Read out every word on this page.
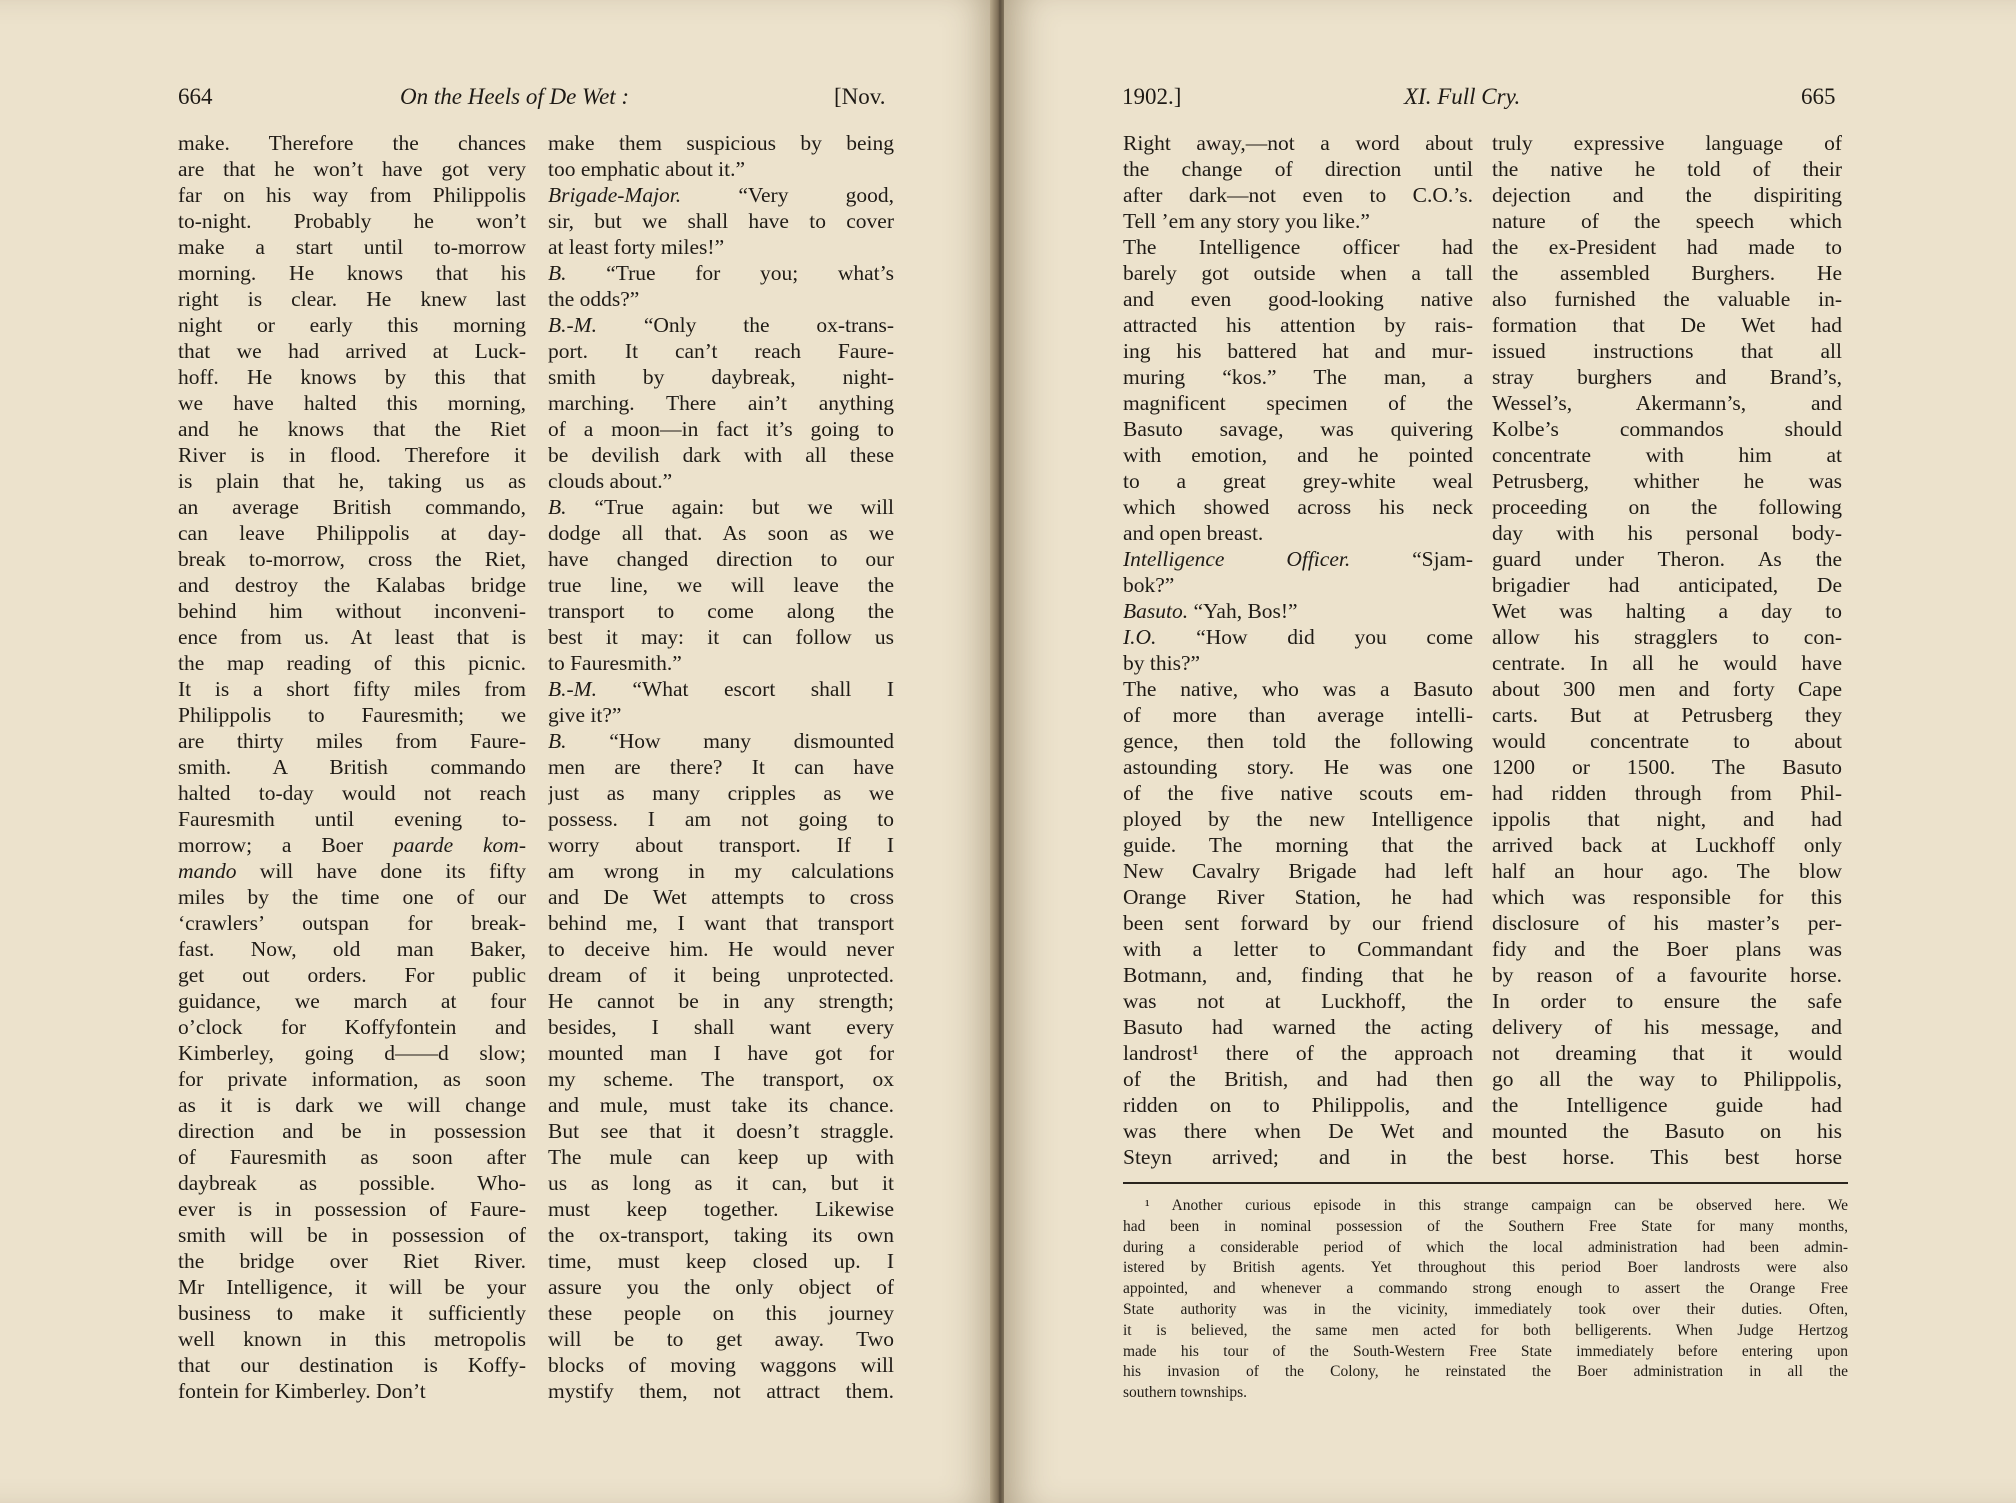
664	On the Heels of De Wet :	[Nov.
make. Therefore the chances
are that he won’t have got very
far on his way from Philippolis
to-night. Probably he won’t
make a start until to-morrow
morning. He knows that his
right is clear. He knew last
night or early this morning
that we had arrived at Luck-
hoff. He knows by this that
we have halted this morning,
and he knows that the Riet
River is in flood. Therefore it
is plain that he, taking us as
an average British commando,
can leave Philippolis at day-
break to-morrow, cross the Riet,
and destroy the Kalabas bridge
behind him without inconveni-
ence from us. At least that is
the map reading of this picnic.
It is a short fifty miles from
Philippolis to Fauresmith; we
are thirty miles from Faure-
smith. A British commando
halted to-day would not reach
Fauresmith until evening to-
morrow; a Boer paarde kom-
mando will have done its fifty
miles by the time one of our
‘crawlers’ outspan for break-
fast. Now, old man Baker,
get out orders. For public
guidance, we march at four
o’clock for Koffyfontein and
Kimberley, going d——d slow;
for private information, as soon
as it is dark we will change
direction and be in possession
of Fauresmith as soon after
daybreak as possible. Who-
ever is in possession of Faure-
smith will be in possession of
the bridge over Riet River.
Mr Intelligence, it will be your
business to make it sufficiently
well known in this metropolis
that our destination is Koffy-
fontein for Kimberley. Don’t
make them suspicious by being
too emphatic about it.”
Brigade-Major. “Very good,
sir, but we shall have to cover
at least forty miles!”
B. “True for you; what’s
the odds?”
B.-M. “Only the ox-trans-
port. It can’t reach Faure-
smith by daybreak, night-
marching. There ain’t anything
of a moon—in fact it’s going to
be devilish dark with all these
clouds about.”
B. “True again: but we will
dodge all that. As soon as we
have changed direction to our
true line, we will leave the
transport to come along the
best it may: it can follow us
to Fauresmith.”
B.-M. “What escort shall I
give it?”
B. “How many dismounted
men are there? It can have
just as many cripples as we
possess. I am not going to
worry about transport. If I
am wrong in my calculations
and De Wet attempts to cross
behind me, I want that transport
to deceive him. He would never
dream of it being unprotected.
He cannot be in any strength;
besides, I shall want every
mounted man I have got for
my scheme. The transport, ox
and mule, must take its chance.
But see that it doesn’t straggle.
The mule can keep up with
us as long as it can, but it
must keep together. Likewise
the ox-transport, taking its own
time, must keep closed up. I
assure you the only object of
these people on this journey
will be to get away. Two
blocks of moving waggons will
mystify them, not attract them.
1902.]	XI. Full Cry.	665
Right away,—not a word about
the change of direction until
after dark—not even to C.O.’s.
Tell ’em any story you like.”
The Intelligence officer had
barely got outside when a tall
and even good-looking native
attracted his attention by rais-
ing his battered hat and mur-
muring “kos.” The man, a
magnificent specimen of the
Basuto savage, was quivering
with emotion, and he pointed
to a great grey-white weal
which showed across his neck
and open breast.
Intelligence Officer. “Sjam-
bok?”
Basuto. “Yah, Bos!”
I.O. “How did you come
by this?”
The native, who was a Basuto
of more than average intelli-
gence, then told the following
astounding story. He was one
of the five native scouts em-
ployed by the new Intelligence
guide. The morning that the
New Cavalry Brigade had left
Orange River Station, he had
been sent forward by our friend
with a letter to Commandant
Botmann, and, finding that he
was not at Luckhoff, the
Basuto had warned the acting
landrost¹ there of the approach
of the British, and had then
ridden on to Philippolis, and
was there when De Wet and
Steyn arrived; and in the
truly expressive language of
the native he told of their
dejection and the dispiriting
nature of the speech which
the ex-President had made to
the assembled Burghers. He
also furnished the valuable in-
formation that De Wet had
issued instructions that all
stray burghers and Brand’s,
Wessel’s, Akermann’s, and
Kolbe’s commandos should
concentrate with him at
Petrusberg, whither he was
proceeding on the following
day with his personal body-
guard under Theron. As the
brigadier had anticipated, De
Wet was halting a day to
allow his stragglers to con-
centrate. In all he would have
about 300 men and forty Cape
carts. But at Petrusberg they
would concentrate to about
1200 or 1500. The Basuto
had ridden through from Phil-
ippolis that night, and had
arrived back at Luckhoff only
half an hour ago. The blow
which was responsible for this
disclosure of his master’s per-
fidy and the Boer plans was
by reason of a favourite horse.
In order to ensure the safe
delivery of his message, and
not dreaming that it would
go all the way to Philippolis,
the Intelligence guide had
mounted the Basuto on his
best horse. This best horse
¹ Another curious episode in this strange campaign can be observed here. We
had been in nominal possession of the Southern Free State for many months,
during a considerable period of which the local administration had been admin-
istered by British agents. Yet throughout this period Boer landrosts were also
appointed, and whenever a commando strong enough to assert the Orange Free
State authority was in the vicinity, immediately took over their duties. Often,
it is believed, the same men acted for both belligerents. When Judge Hertzog
made his tour of the South-Western Free State immediately before entering upon
his invasion of the Colony, he reinstated the Boer administration in all the
southern townships.
